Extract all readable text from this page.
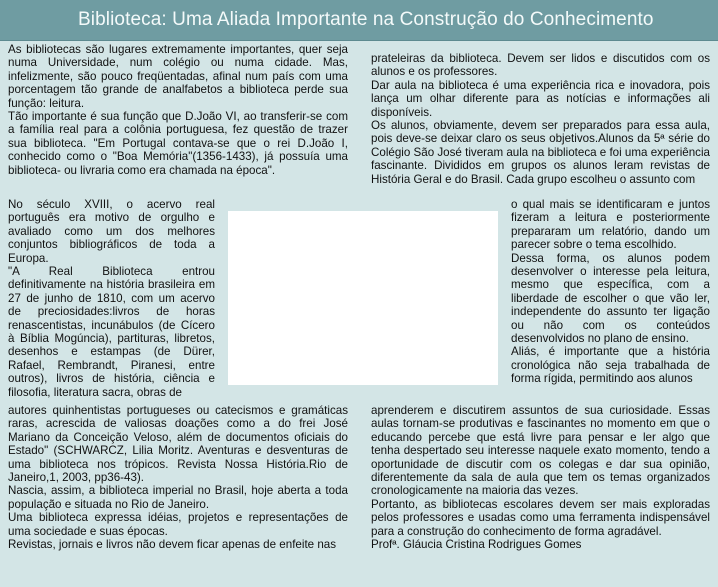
Biblioteca: Uma Aliada Importante na Construção do Conhecimento

As bibliotecas são lugares extremamente importantes, quer seja numa Universidade, num colégio ou numa cidade. Mas, infelizmente, são pouco freqüentadas, afinal num país com uma porcentagem tão grande de analfabetos a biblioteca perde sua função: leitura.

Tão importante é sua função que D.João VI, ao transferir-se com a família real para a colônia portuguesa, fez questão de trazer sua biblioteca. "Em Portugal contava-se que o rei D.João I, conhecido como o "Boa Memória"(1356-1433), já possuía uma biblioteca- ou livraria como era chamada na época".

No século XVIII, o acervo real português era motivo de orgulho e avaliado como um dos melhores conjuntos bibliográficos de toda a Europa.

"A Real Biblioteca entrou definitivamente na história brasileira em 27 de junho de 1810, com um acervo de preciosidades:livros de horas renascentistas, incunábulos (de Cícero à Bíblia Mogúncia), partituras, libretos, desenhos e estampas (de Dürer, Rafael, Rembrandt, Piranesi, entre outros), livros de história, ciência e filosofia, literatura sacra, obras de

autores quinhentistas portugueses ou catecismos e gramáticas raras, acrescida de valiosas doações como a do frei José Mariano da Conceição Veloso, além de documentos oficiais do Estado" (SCHWARCZ, Lilia Moritz. Aventuras e desventuras de uma biblioteca nos trópicos. Revista Nossa História.Rio de Janeiro,1, 2003, pp36-43).

Nascia, assim, a biblioteca imperial no Brasil, hoje aberta a toda população e situada no Rio de Janeiro.

Uma biblioteca expressa idéias, projetos e representações de uma sociedade e suas épocas.

Revistas, jornais e livros não devem ficar apenas de enfeite nas

prateleiras da biblioteca. Devem ser lidos e discutidos com os alunos e os professores.

Dar aula na biblioteca é uma experiência rica e inovadora, pois lança um olhar diferente para as notícias e informações ali disponíveis.

Os alunos, obviamente, devem ser preparados para essa aula, pois deve-se deixar claro os seus objetivos.Alunos da 5ª série do Colégio São José tiveram aula na biblioteca e foi uma experiência fascinante. Divididos em grupos os alunos leram revistas de História Geral e do Brasil. Cada grupo escolheu o assunto com

o qual mais se identificaram e juntos fizeram a leitura e posteriormente prepararam um relatório, dando um parecer sobre o tema escolhido.

Dessa forma, os alunos podem desenvolver o interesse pela leitura, mesmo que específica, com a liberdade de escolher o que vão ler, independente do assunto ter ligação ou não com os conteúdos desenvolvidos no plano de ensino.

Aliás, é importante que a história cronológica não seja trabalhada de forma rígida, permitindo aos alunos

aprenderem e discutirem assuntos de sua curiosidade. Essas aulas tornam-se produtivas e fascinantes no momento em que o educando percebe que está livre para pensar e ler algo que tenha despertado seu interesse naquele exato momento, tendo a oportunidade de discutir com os colegas e dar sua opinião, diferentemente da sala de aula que tem os temas organizados cronologicamente na maioria das vezes.

Portanto, as bibliotecas escolares devem ser mais exploradas pelos professores e usadas como uma ferramenta indispensável para a construção do conhecimento de forma agradável.

Profª. Gláucia Cristina Rodrigues Gomes
